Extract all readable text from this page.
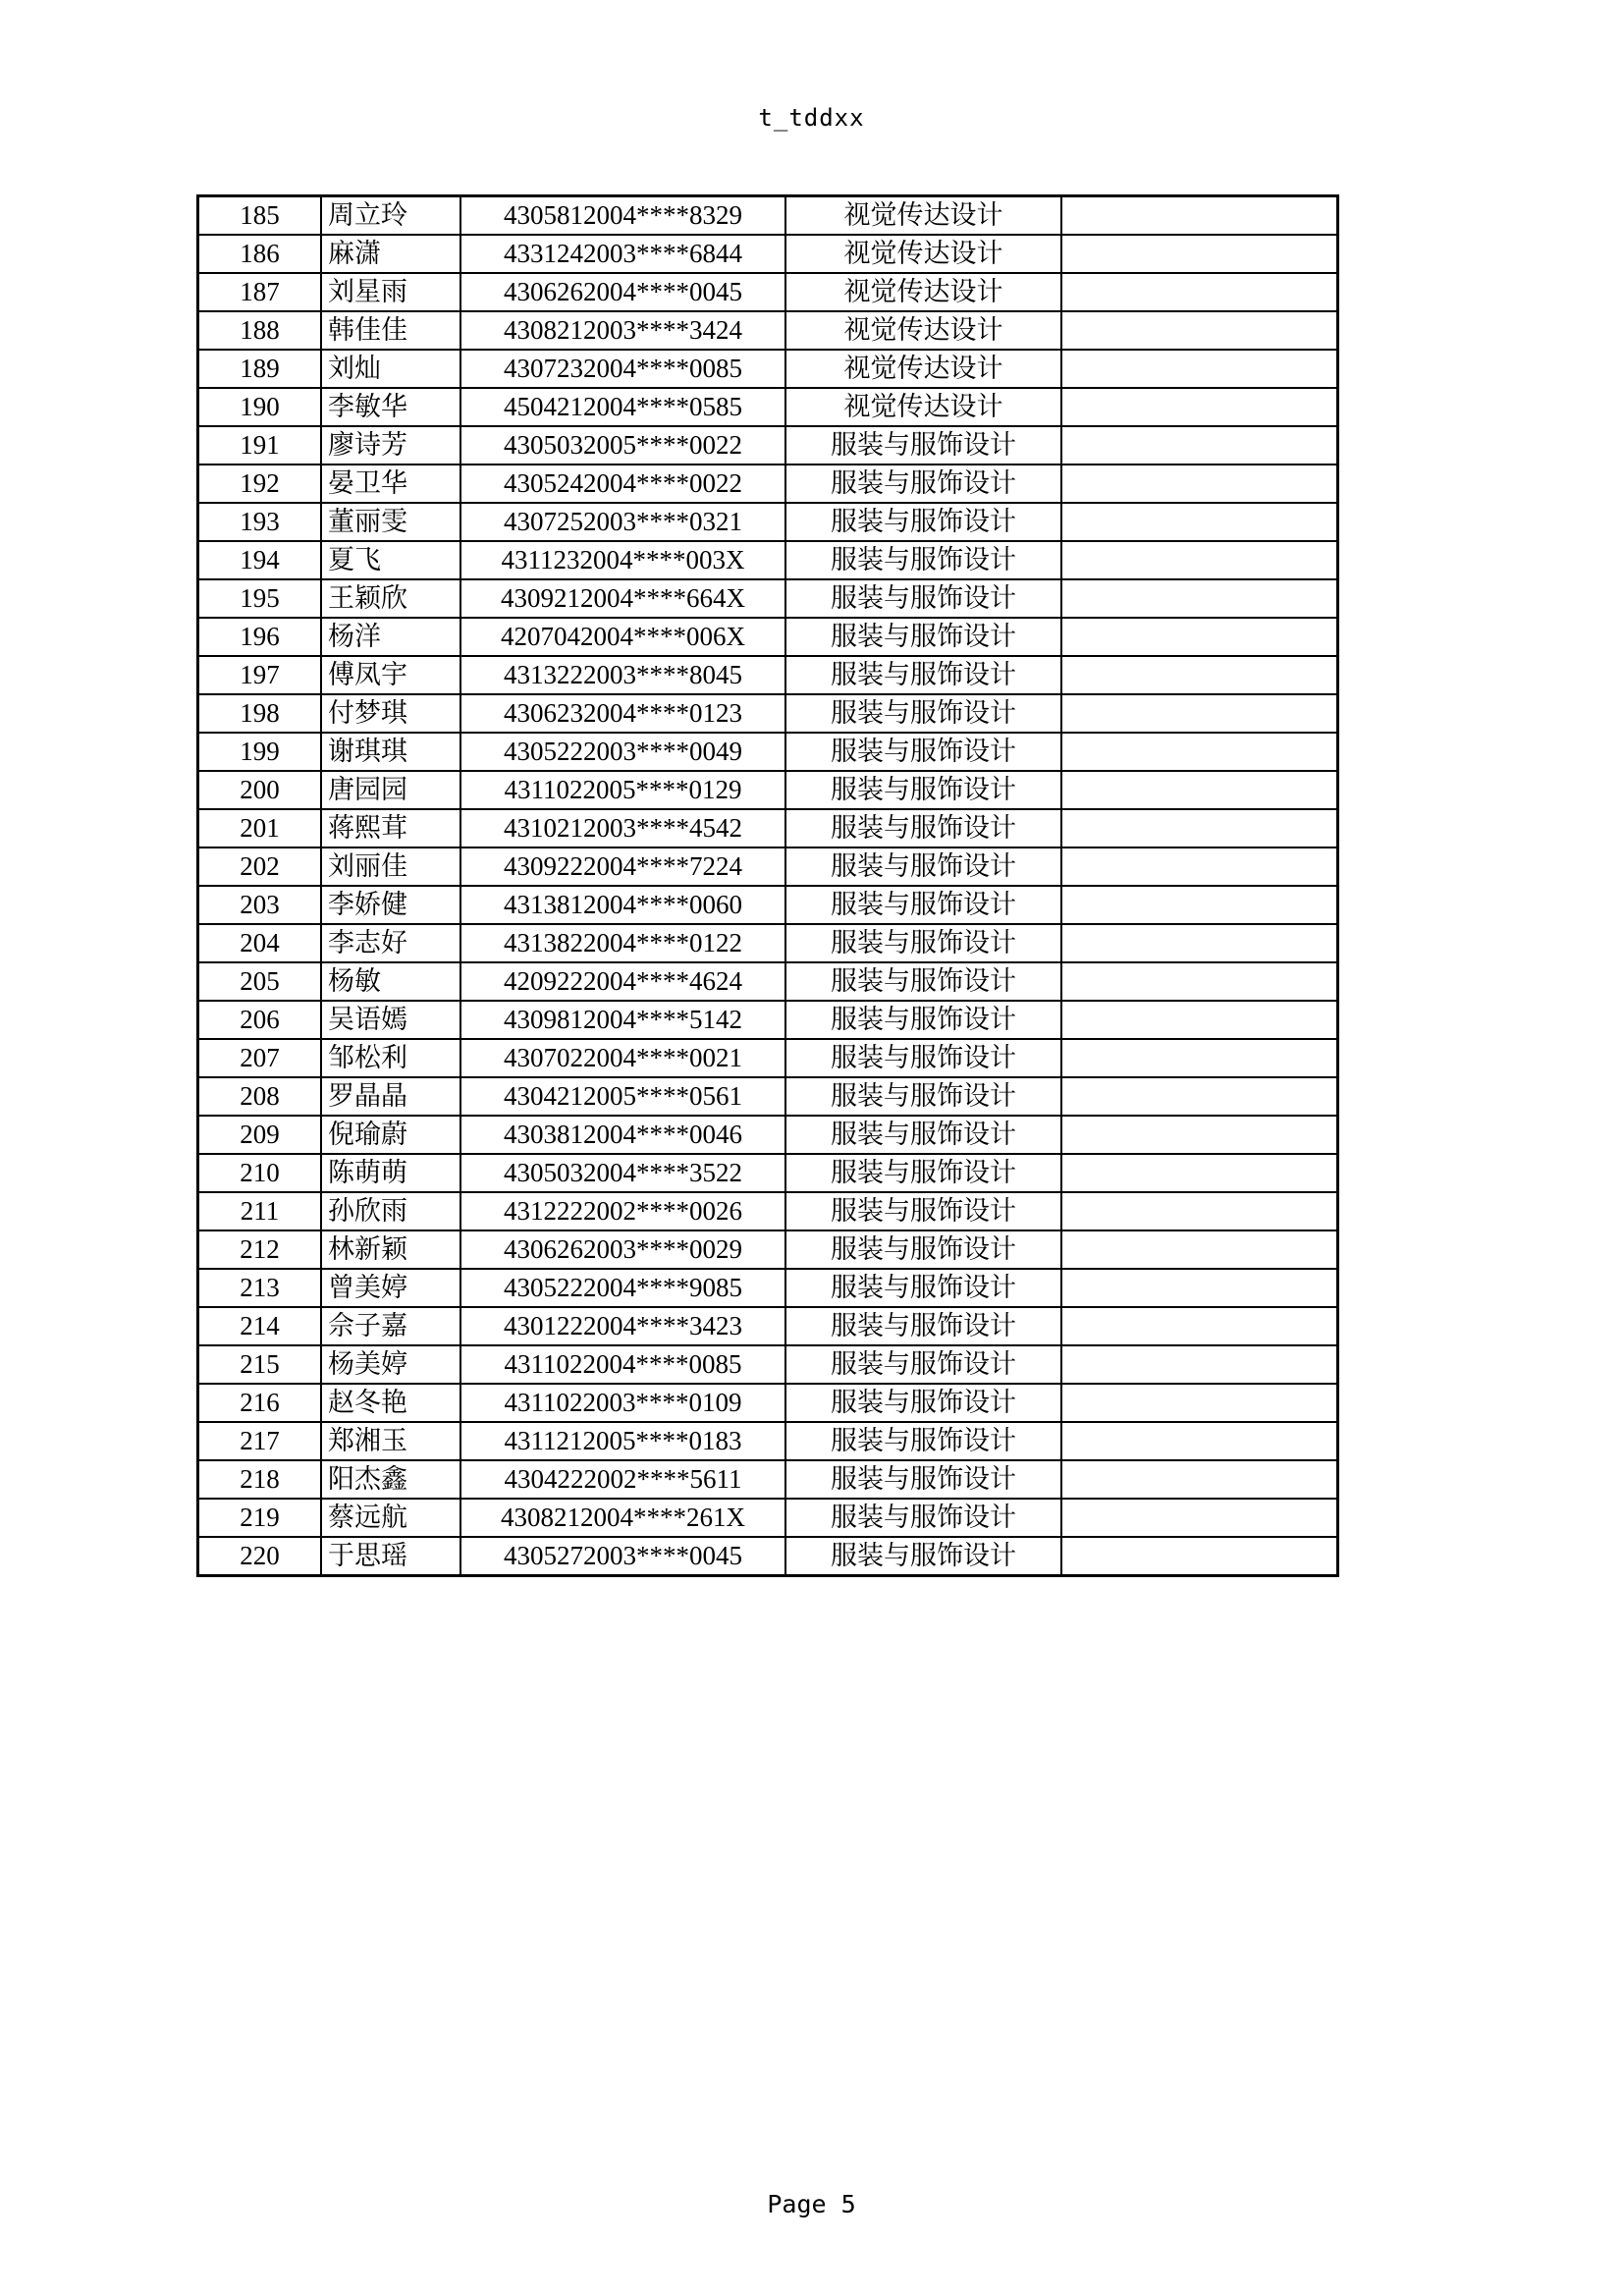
t_tddxx
185	周立玲	4305812004****8329	视觉传达设计	
186	麻潇	4331242003****6844	视觉传达设计	
187	刘星雨	4306262004****0045	视觉传达设计	
188	韩佳佳	4308212003****3424	视觉传达设计	
189	刘灿	4307232004****0085	视觉传达设计	
190	李敏华	4504212004****0585	视觉传达设计	
191	廖诗芳	4305032005****0022	服装与服饰设计	
192	晏卫华	4305242004****0022	服装与服饰设计	
193	董丽雯	4307252003****0321	服装与服饰设计	
194	夏飞	4311232004****003X	服装与服饰设计	
195	王颖欣	4309212004****664X	服装与服饰设计	
196	杨洋	4207042004****006X	服装与服饰设计	
197	傅凤宇	4313222003****8045	服装与服饰设计	
198	付梦琪	4306232004****0123	服装与服饰设计	
199	谢琪琪	4305222003****0049	服装与服饰设计	
200	唐园园	4311022005****0129	服装与服饰设计	
201	蒋熙茸	4310212003****4542	服装与服饰设计	
202	刘丽佳	4309222004****7224	服装与服饰设计	
203	李娇健	4313812004****0060	服装与服饰设计	
204	李志好	4313822004****0122	服装与服饰设计	
205	杨敏	4209222004****4624	服装与服饰设计	
206	吴语嫣	4309812004****5142	服装与服饰设计	
207	邹松利	4307022004****0021	服装与服饰设计	
208	罗晶晶	4304212005****0561	服装与服饰设计	
209	倪瑜蔚	4303812004****0046	服装与服饰设计	
210	陈萌萌	4305032004****3522	服装与服饰设计	
211	孙欣雨	4312222002****0026	服装与服饰设计	
212	林新颖	4306262003****0029	服装与服饰设计	
213	曾美婷	4305222004****9085	服装与服饰设计	
214	佘子嘉	4301222004****3423	服装与服饰设计	
215	杨美婷	4311022004****0085	服装与服饰设计	
216	赵冬艳	4311022003****0109	服装与服饰设计	
217	郑湘玉	4311212005****0183	服装与服饰设计	
218	阳杰鑫	4304222002****5611	服装与服饰设计	
219	蔡远航	4308212004****261X	服装与服饰设计	
220	于思瑶	4305272003****0045	服装与服饰设计	
Page 5
